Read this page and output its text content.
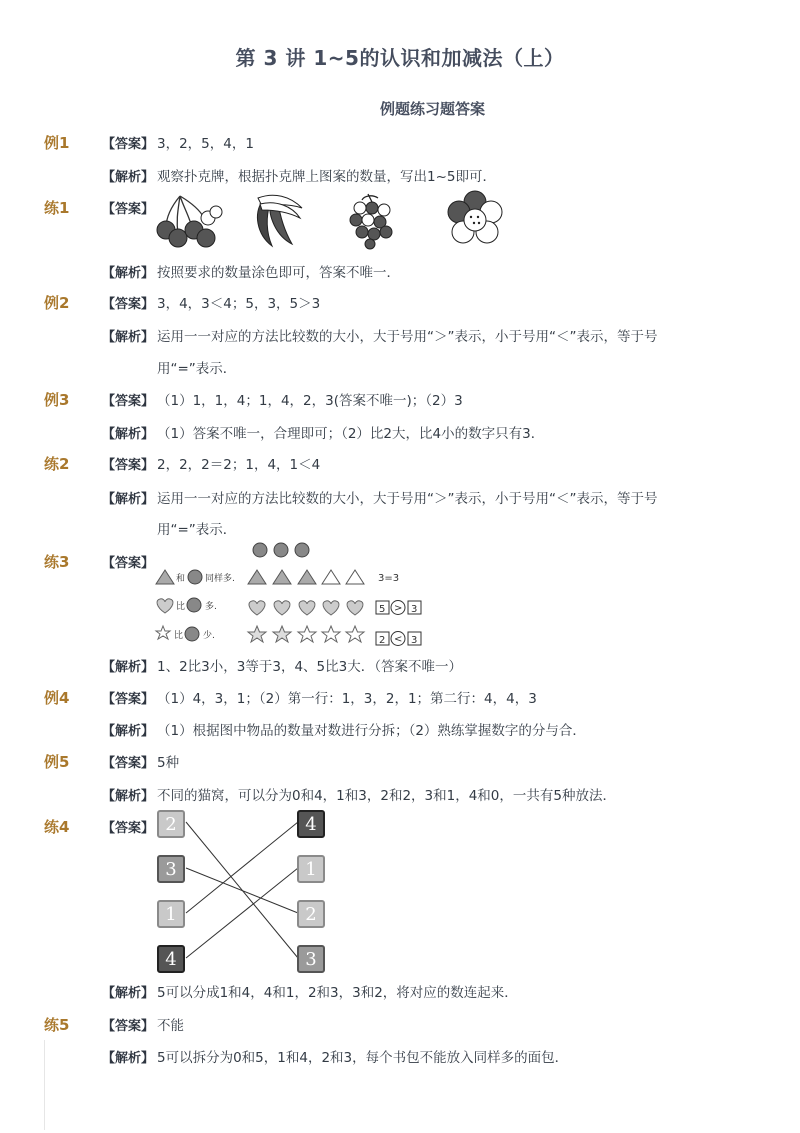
第 3 讲 1~5的认识和加减法（上）
例题练习题答案
例1	【答案】 3，2，5，4，1
【解析】 观察扑克牌，根据扑克牌上图案的数量，写出1~5即可．
练1	【答案】
【解析】 按照要求的数量涂色即可，答案不唯一．
例2	【答案】 3，4，3＜4；5，3，5＞3
【解析】 运用一一对应的方法比较数的大小，大于号用“＞”表示，小于号用“＜”表示，等于号
用“=”表示．
例3	【答案】 （1）1，1，4；1，4，2，3(答案不唯一)；（2）3
【解析】 （1）答案不唯一，合理即可；（2）比2大，比4小的数字只有3．
练2	【答案】 2，2，2＝2；1，4，1＜4
【解析】 运用一一对应的方法比较数的大小，大于号用“＞”表示，小于号用“＜”表示，等于号
用“=”表示．
练3	【答案】
和 同样多.	3=3
比 多.	5 > 3
比 少.	2 < 3
【解析】 1、2比3小，3等于3，4、5比3大．（答案不唯一）
例4	【答案】 （1）4，3，1；（2）第一行：1，3，2，1；第二行：4，4，3
【解析】 （1）根据图中物品的数量对数进行分拆；（2）熟练掌握数字的分与合．
例5	【答案】 5种
【解析】 不同的猫窝，可以分为0和4，1和3，2和2，3和1，4和0，一共有5种放法．
练4	【答案】 2
3
1
4
4
1
2
3
【解析】 5可以分成1和4，4和1，2和3，3和2，将对应的数连起来．
练5	【答案】 不能
【解析】 5可以拆分为0和5，1和4，2和3，每个书包不能放入同样多的面包．
